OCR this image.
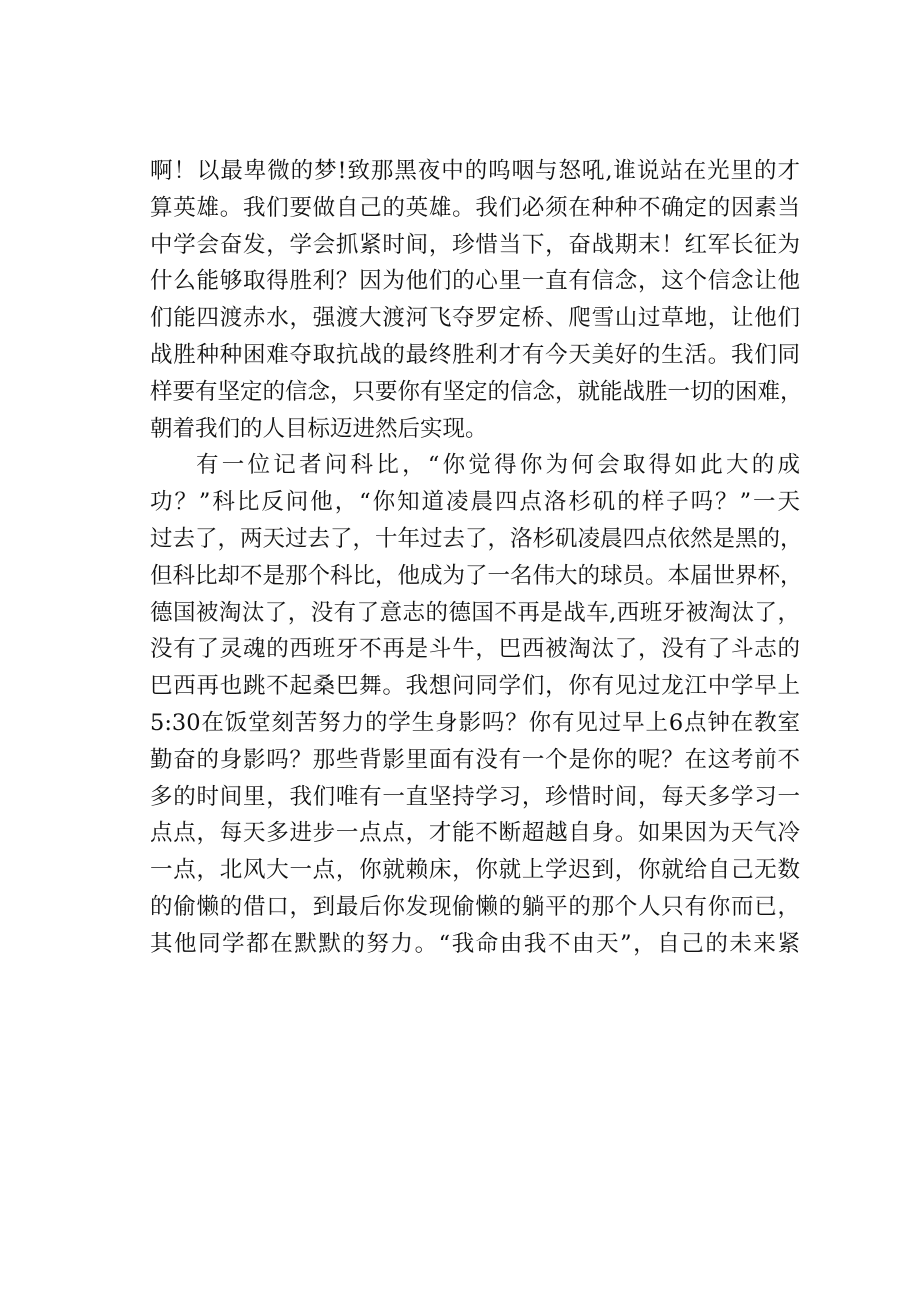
啊！以最卑微的梦!致那黑夜中的呜咽与怒吼,谁说站在光里的才
算英雄。我们要做自己的英雄。我们必须在种种不确定的因素当
中学会奋发，学会抓紧时间，珍惜当下，奋战期末！红军长征为
什么能够取得胜利？因为他们的心里一直有信念，这个信念让他
们能四渡赤水，强渡大渡河飞夺罗定桥、爬雪山过草地，让他们
战胜种种困难夺取抗战的最终胜利才有今天美好的生活。我们同
样要有坚定的信念，只要你有坚定的信念，就能战胜一切的困难，
朝着我们的人目标迈进然后实现。
有一位记者问科比，“你觉得你为何会取得如此大的成
功？”科比反问他，“你知道凌晨四点洛杉矶的样子吗？”一天
过去了，两天过去了，十年过去了，洛杉矶凌晨四点依然是黑的，
但科比却不是那个科比，他成为了一名伟大的球员。本届世界杯，
德国被淘汰了，没有了意志的德国不再是战车,西班牙被淘汰了，
没有了灵魂的西班牙不再是斗牛，巴西被淘汰了，没有了斗志的
巴西再也跳不起桑巴舞。我想问同学们，你有见过龙江中学早上
5:30在饭堂刻苦努力的学生身影吗？你有见过早上6点钟在教室
勤奋的身影吗？那些背影里面有没有一个是你的呢？在这考前不
多的时间里，我们唯有一直坚持学习，珍惜时间，每天多学习一
点点，每天多进步一点点，才能不断超越自身。如果因为天气冷
一点，北风大一点，你就赖床，你就上学迟到，你就给自己无数
的偷懒的借口，到最后你发现偷懒的躺平的那个人只有你而已，
其他同学都在默默的努力。“我命由我不由天”，自己的未来紧
